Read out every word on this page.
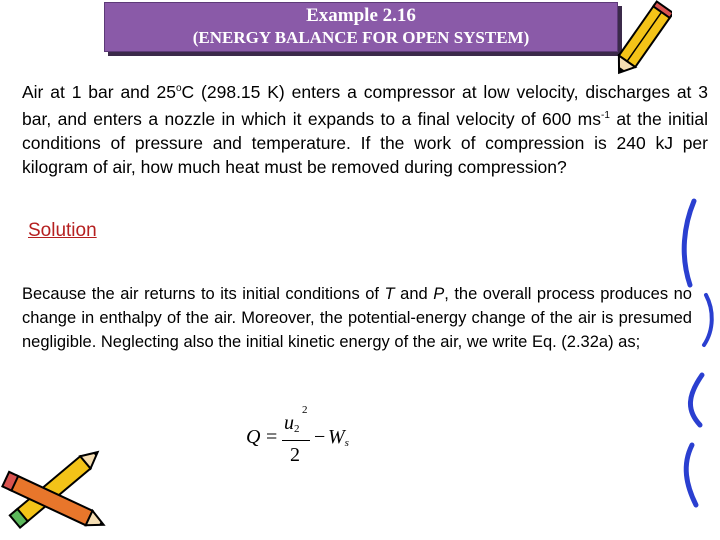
Example 2.16
(ENERGY BALANCE FOR OPEN SYSTEM)
Air at 1 bar and 25$^o$C (298.15 K) enters a compressor at low velocity, discharges at 3 bar, and enters a nozzle in which it expands to a final velocity of 600 $ms^{-1}$ at the initial conditions of pressure and temperature. If the work of compression is 240 kJ per kilogram of air, how much heat must be removed during compression?
Solution
Because the air returns to its initial conditions of T and P, the overall process produces no change in enthalpy of the air. Moreover, the potential-energy change of the air is presumed negligible. Neglecting also the initial kinetic energy of the air, we write Eq. (2.32a) as;
Q =
u2
2
2
− Ws
